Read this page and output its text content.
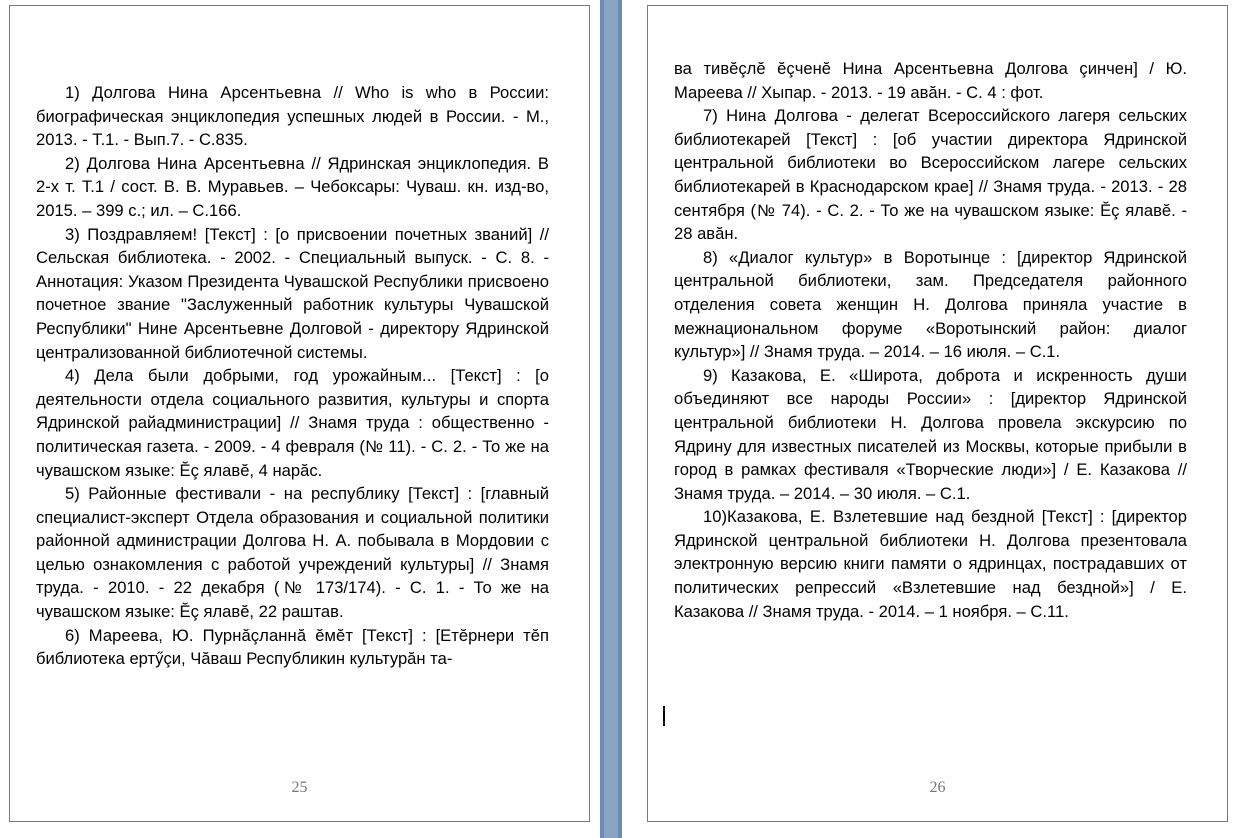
1) Долгова Нина Арсентьевна // Who is who в России: биографическая энциклопедия успешных людей в России. - М., 2013. - Т.1. - Вып.7. - С.835.

2) Долгова Нина Арсентьевна // Ядринская энциклопедия. В 2-х т. Т.1 / сост. В. В. Муравьев. – Чебоксары: Чуваш. кн. изд-во, 2015. – 399 с.; ил. – С.166.

3) Поздравляем! [Текст] : [о присвоении почетных званий] // Сельская библиотека. - 2002. - Специальный выпуск. - С. 8. - Аннотация: Указом Президента Чувашской Республики присвоено почетное звание "Заслуженный работник культуры Чувашской Республики" Нине Арсентьевне Долговой - директору Ядринской централизованной библиотечной системы.

4) Дела были добрыми, год урожайным... [Текст] : [о деятельности отдела социального развития, культуры и спорта Ядринской райадминистрации] // Знамя труда : общественно - политическая газета. - 2009. - 4 февраля (№ 11). - С. 2. - То же на чувашском языке: Ĕç ялавĕ, 4 нарăс.

5) Районные фестивали - на республику [Текст] : [главный специалист-эксперт Отдела образования и социальной политики районной администрации Долгова Н. А. побывала в Мордовии с целью ознакомления с работой учреждений культуры] // Знамя труда. - 2010. - 22 декабря (№ 173/174). - С. 1. - То же на чувашском языке: Ĕç ялавĕ, 22 раштав.

6) Мареева, Ю. Пурнăçланнă ĕмĕт [Текст] : [Етĕрнери тĕп библиотека ертӳçи, Чăваш Республикин культурăн та-

25

ва тивĕçлĕ ĕçченĕ Нина Арсентьевна Долгова çинчен] / Ю. Мареева // Хыпар. - 2013. - 19 авăн. - С. 4 : фот.

7) Нина Долгова - делегат Всероссийского лагеря сельских библиотекарей [Текст] : [об участии директора Ядринской центральной библиотеки во Всероссийском лагере сельских библиотекарей в Краснодарском крае] // Знамя труда. - 2013. - 28 сентября (№ 74). - С. 2. - То же на чувашском языке: Ĕç ялавĕ. - 28 авăн.

8) «Диалог культур» в Воротынце : [директор Ядринской центральной библиотеки, зам. Председателя районного отделения совета женщин Н. Долгова приняла участие в межнациональном форуме «Воротынский район: диалог культур»] // Знамя труда. – 2014. – 16 июля. – С.1.

9) Казакова, Е. «Широта, доброта и искренность души объединяют все народы России» : [директор Ядринской центральной библиотеки Н. Долгова провела экскурсию по Ядрину для известных писателей из Москвы, которые прибыли в город в рамках фестиваля «Творческие люди»] / Е. Казакова // Знамя труда. – 2014. – 30 июля. – С.1.

10)Казакова, Е. Взлетевшие над бездной [Текст] : [директор Ядринской центральной библиотеки Н. Долгова презентовала электронную версию книги памяти о ядринцах, пострадавших от политических репрессий «Взлетевшие над бездной»] / Е. Казакова // Знамя труда. - 2014. – 1 ноября. – С.11.

26
